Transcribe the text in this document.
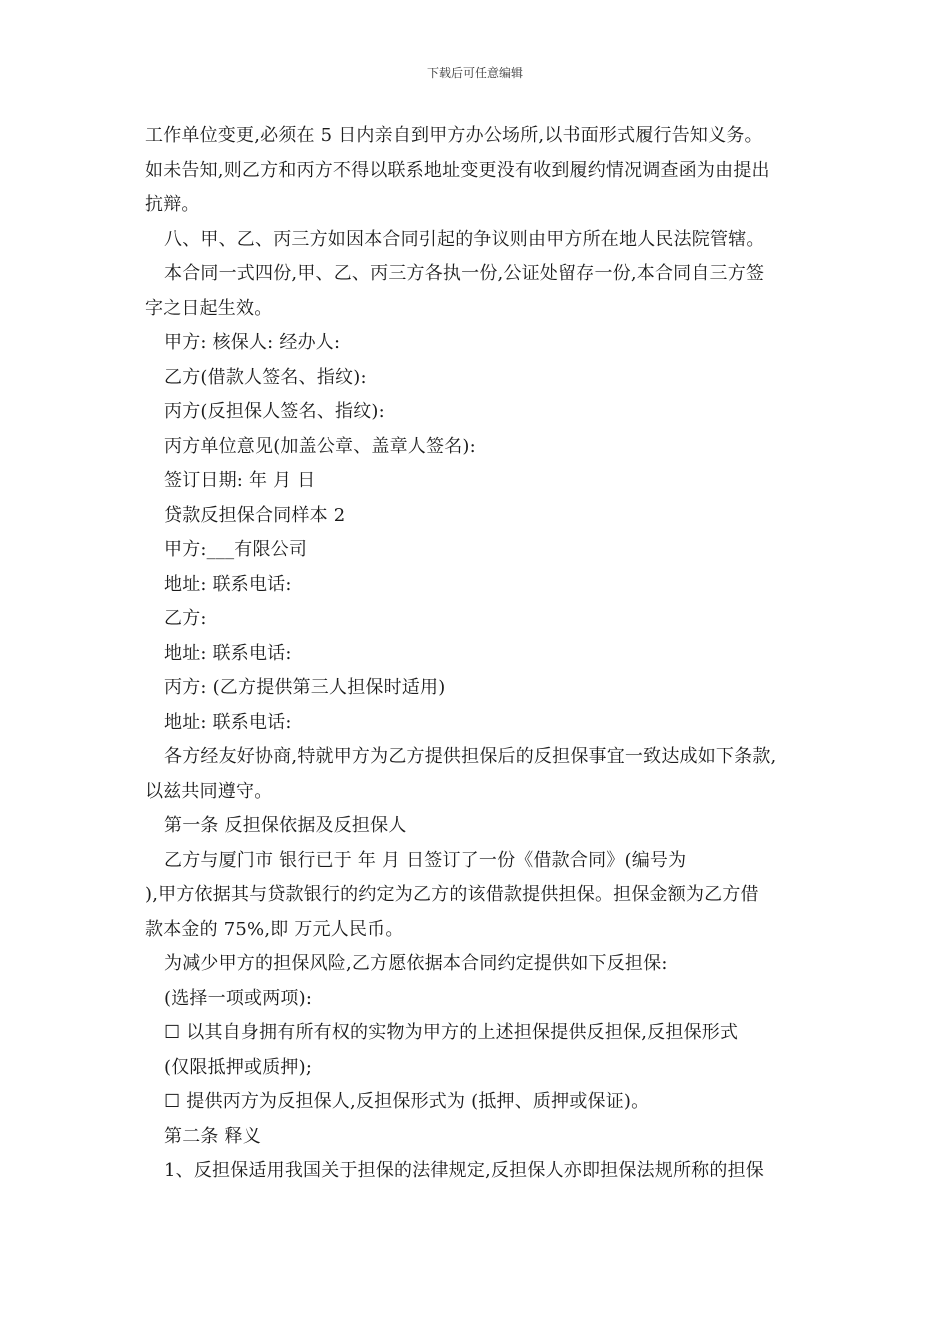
下载后可任意编辑

工作单位变更,必须在 5 日内亲自到甲方办公场所,以书面形式履行告知义务。

如未告知,则乙方和丙方不得以联系地址变更没有收到履约情况调查函为由提出

抗辩。

八、甲、乙、丙三方如因本合同引起的争议则由甲方所在地人民法院管辖。

本合同一式四份,甲、乙、丙三方各执一份,公证处留存一份,本合同自三方签

字之日起生效。

甲方: 核保人: 经办人:

乙方(借款人签名、指纹):

丙方(反担保人签名、指纹):

丙方单位意见(加盖公章、盖章人签名):

签订日期: 年 月 日

贷款反担保合同样本 2

甲方:___有限公司

地址: 联系电话:

乙方:

地址: 联系电话:

丙方: (乙方提供第三人担保时适用)

地址: 联系电话:

各方经友好协商,特就甲方为乙方提供担保后的反担保事宜一致达成如下条款,

以兹共同遵守。

第一条 反担保依据及反担保人

乙方与厦门市 银行已于 年 月 日签订了一份《借款合同》(编号为

),甲方依据其与贷款银行的约定为乙方的该借款提供担保。担保金额为乙方借

款本金的 75%,即 万元人民币。

为减少甲方的担保风险,乙方愿依据本合同约定提供如下反担保:

(选择一项或两项):

☐ 以其自身拥有所有权的实物为甲方的上述担保提供反担保,反担保形式

(仅限抵押或质押);

☐ 提供丙方为反担保人,反担保形式为 (抵押、质押或保证)。

第二条 释义

1、反担保适用我国关于担保的法律规定,反担保人亦即担保法规所称的担保
